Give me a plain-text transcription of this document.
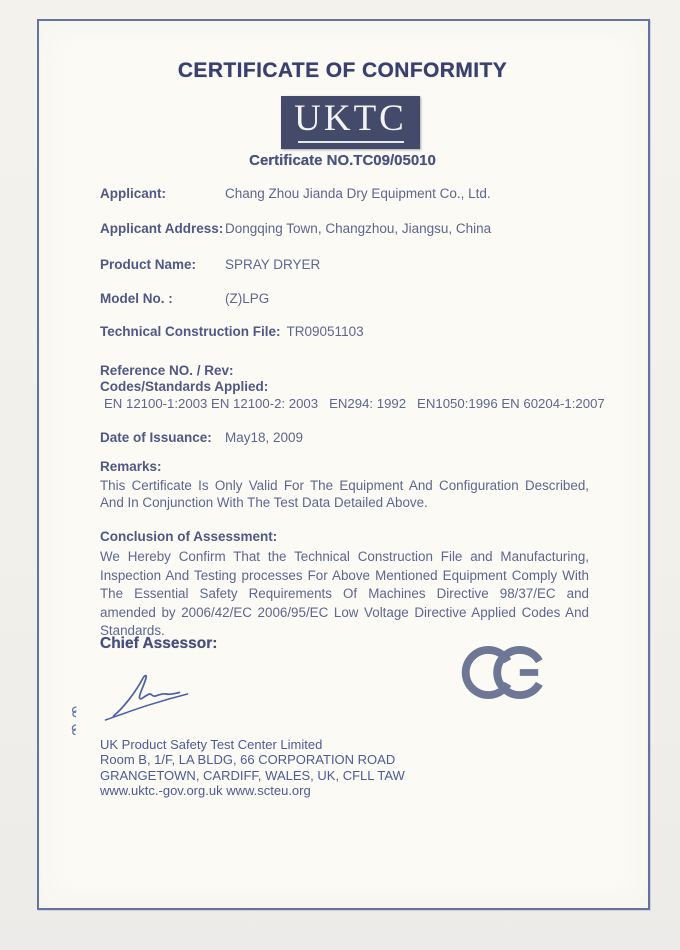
CERTIFICATE OF CONFORMITY
UKTC
Certificate NO.TC09/05010
Applicant:	Chang Zhou Jianda Dry Equipment Co., Ltd.
Applicant Address: Dongqing Town, Changzhou, Jiangsu, China
Product Name: SPRAY DRYER
Model No. :	(Z)LPG
Technical Construction File: TR09051103
Reference NO. / Rev:
Codes/Standards Applied:
EN 12100-1:2003 EN 12100-2: 2003   EN294: 1992   EN1050:1996 EN 60204-1:2007
Date of Issuance: May18, 2009
Remarks:
This Certificate Is Only Valid For The Equipment And Configuration Described, And In Conjunction With The Test Data Detailed Above.
Conclusion of Assessment:
We Hereby Confirm That the Technical Construction File and Manufacturing, Inspection And Testing processes For Above Mentioned Equipment Comply With The Essential Safety Requirements Of Machines Directive 98/37/EC and amended by 2006/42/EC 2006/95/EC Low Voltage Directive Applied Codes And Standards.
Chief Assessor:
UK Product Safety Test Center Limited
Room B, 1/F, LA BLDG, 66 CORPORATION ROAD
GRANGETOWN, CARDIFF, WALES, UK, CFLL TAW
www.uktc.-gov.org.uk www.scteu.org
